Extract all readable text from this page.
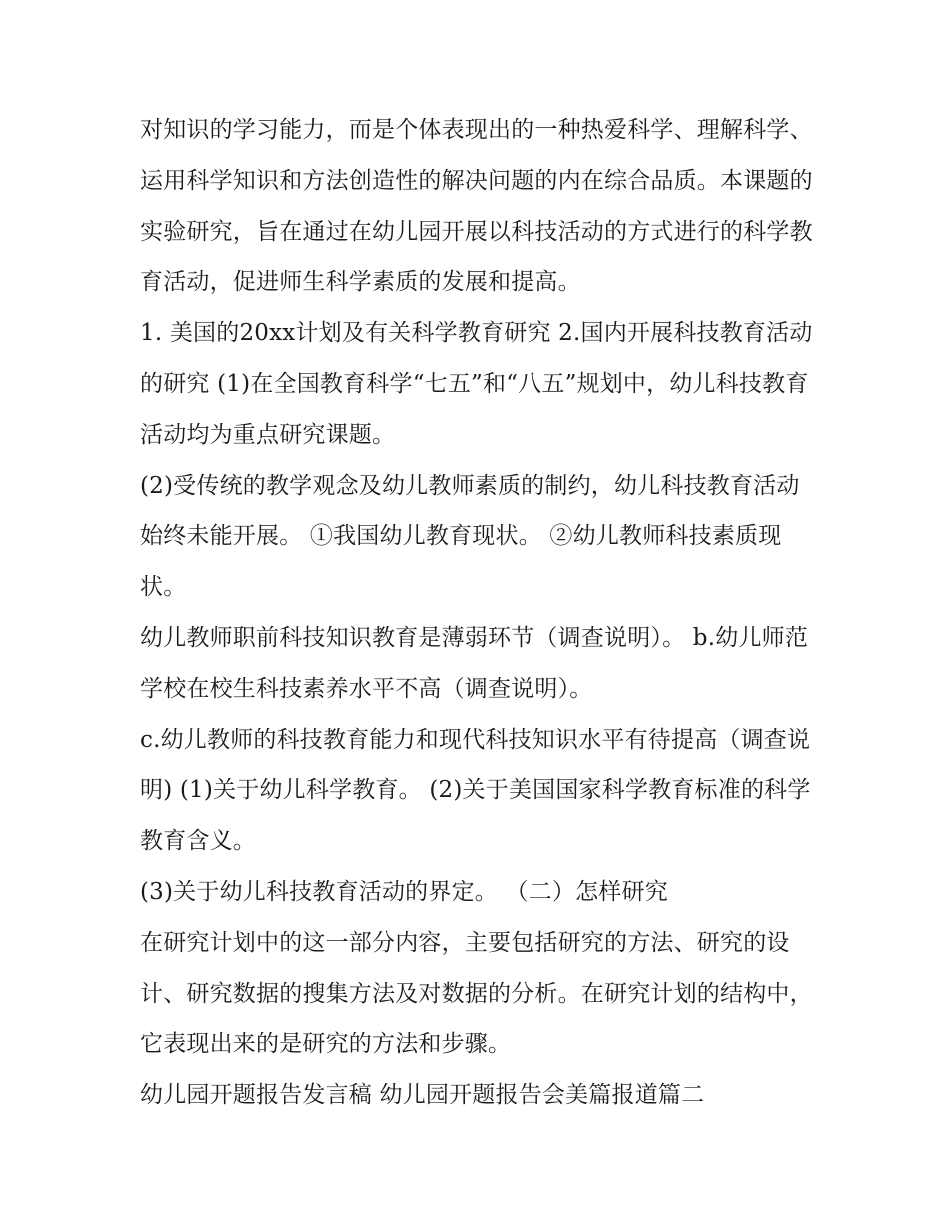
对知识的学习能力，而是个体表现出的一种热爱科学、理解科学、运用科学知识和方法创造性的解决问题的内在综合品质。本课题的实验研究，旨在通过在幼儿园开展以科技活动的方式进行的科学教育活动，促进师生科学素质的发展和提高。

1. 美国的20xx计划及有关科学教育研究 2.国内开展科技教育活动的研究 (1)在全国教育科学“七五”和“八五”规划中，幼儿科技教育活动均为重点研究课题。

(2)受传统的教学观念及幼儿教师素质的制约，幼儿科技教育活动始终未能开展。 ①我国幼儿教育现状。 ②幼儿教师科技素质现状。

幼儿教师职前科技知识教育是薄弱环节（调查说明）。 b.幼儿师范学校在校生科技素养水平不高（调查说明）。

c.幼儿教师的科技教育能力和现代科技知识水平有待提高（调查说明) (1)关于幼儿科学教育。 (2)关于美国国家科学教育标准的科学教育含义。

(3)关于幼儿科技教育活动的界定。 （二）怎样研究

在研究计划中的这一部分内容，主要包括研究的方法、研究的设计、研究数据的搜集方法及对数据的分析。在研究计划的结构中，它表现出来的是研究的方法和步骤。

幼儿园开题报告发言稿 幼儿园开题报告会美篇报道篇二
